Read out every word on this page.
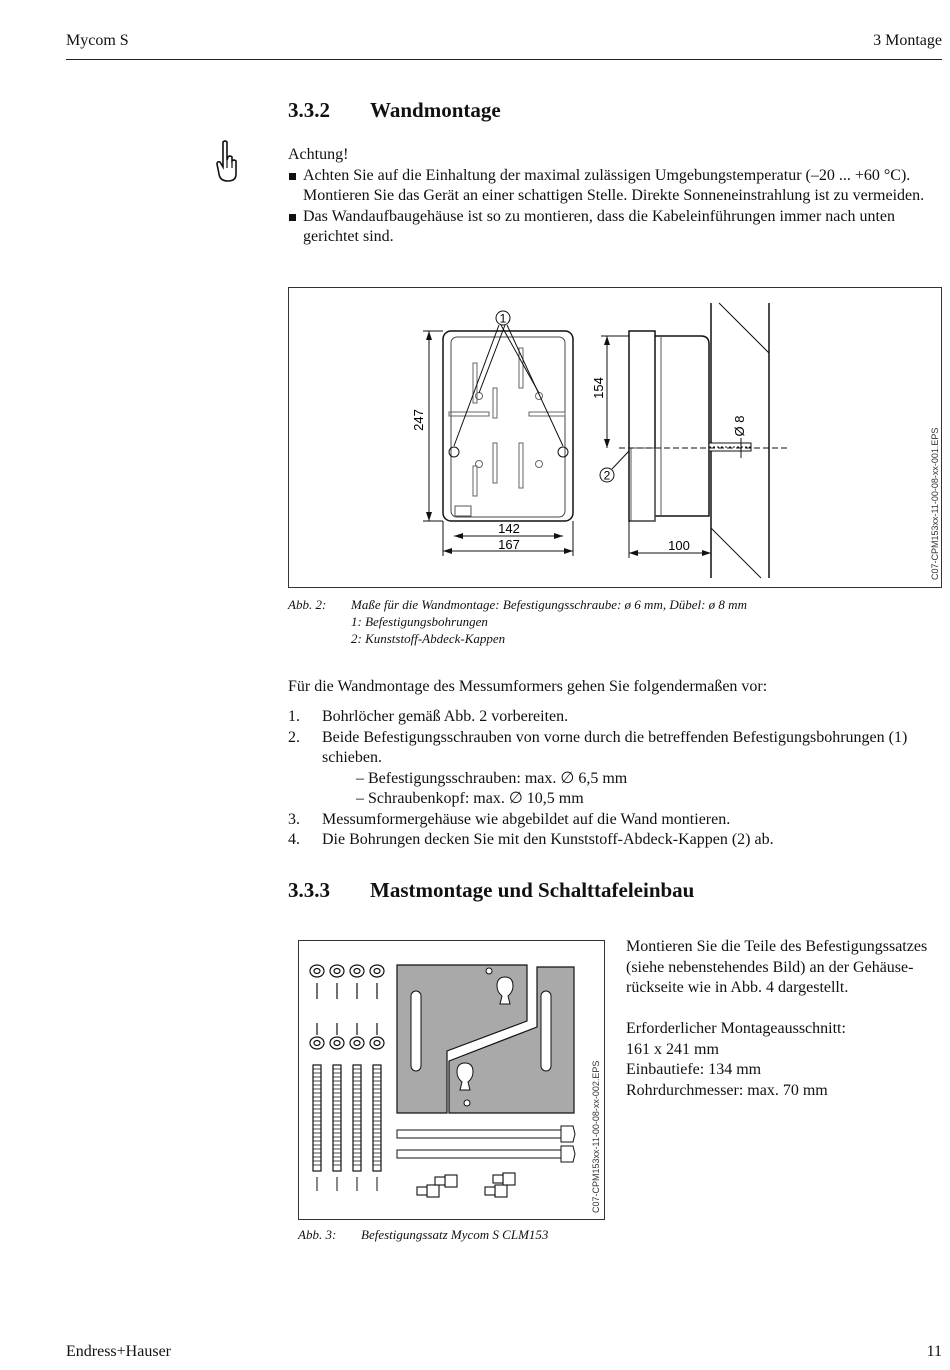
Mycom S	3 Montage
3.3.2 Wandmontage
Achtung!
Achten Sie auf die Einhaltung der maximal zulässigen Umgebungstemperatur (–20 ... +60 °C). Montieren Sie das Gerät an einer schattigen Stelle. Direkte Sonneneinstrahlung ist zu vermeiden.
Das Wandaufbaugehäuse ist so zu montieren, dass die Kabeleinführungen immer nach unten gerichtet sind.
1
247
142
167
Ø 8
154
2
100	C07-CPM153xx-11-00-08-xx-001.EPS
Abb. 2: Maße für die Wandmontage: Befestigungsschraube: ø 6 mm, Dübel: ø 8 mm
1: Befestigungsbohrungen
2: Kunststoff-Abdeck-Kappen
Für die Wandmontage des Messumformers gehen Sie folgendermaßen vor:
1. Bohrlöcher gemäß Abb. 2 vorbereiten.
2. Beide Befestigungsschrauben von vorne durch die betreffenden Befestigungsbohrungen (1) schieben.
– Befestigungsschrauben: max. ∅ 6,5 mm
– Schraubenkopf: max. ∅ 10,5 mm
3. Messumformergehäuse wie abgebildet auf die Wand montieren.
4. Die Bohrungen decken Sie mit den Kunststoff-Abdeck-Kappen (2) ab.
3.3.3 Mastmontage und Schalttafeleinbau
C07-CPM153xx-11-00-08-xx-002.EPS
Abb. 3: Befestigungssatz Mycom S CLM153
Montieren Sie die Teile des Befestigungssatzes (siehe nebenstehendes Bild) an der Gehäuse-rückseite wie in Abb. 4 dargestellt.
Erforderlicher Montageausschnitt:
161 x 241 mm
Einbautiefe: 134 mm
Rohrdurchmesser: max. 70 mm
Endress+Hauser	11
